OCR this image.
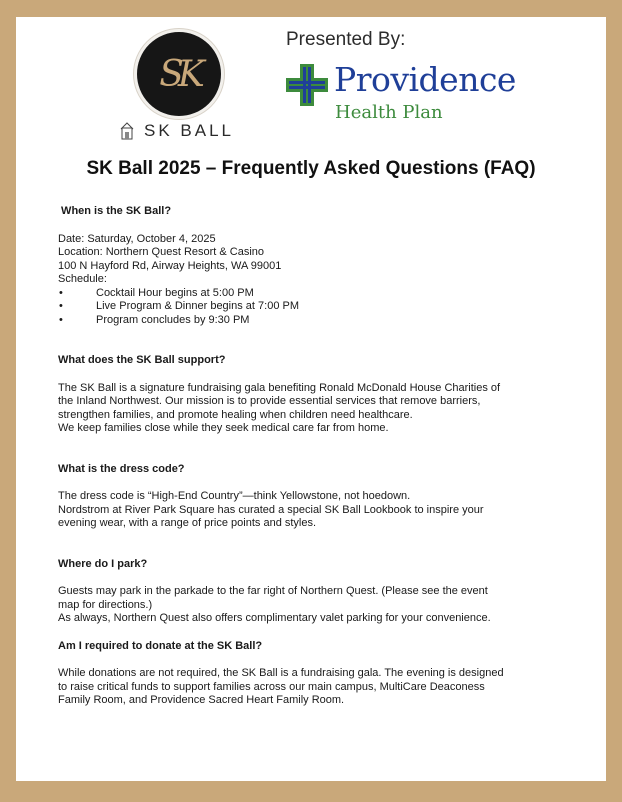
SK
SK BALL
Presented By:
Providence
Health Plan
SK Ball 2025 – Frequently Asked Questions (FAQ)

When is the SK Ball?

Date: Saturday, October 4, 2025

Location: Northern Quest Resort & Casino

100 N Hayford Rd, Airway Heights, WA 99001

Schedule:

•	Cocktail Hour begins at 5:00 PM
•	Live Program & Dinner begins at 7:00 PM
•	Program concludes by 9:30 PM

What does the SK Ball support?

The SK Ball is a signature fundraising gala benefiting Ronald McDonald House Charities of

the Inland Northwest. Our mission is to provide essential services that remove barriers,

strengthen families, and promote healing when children need healthcare.

We keep families close while they seek medical care far from home.

What is the dress code?

The dress code is “High-End Country”—think Yellowstone, not hoedown.

Nordstrom at River Park Square has curated a special SK Ball Lookbook to inspire your

evening wear, with a range of price points and styles.

Where do I park?

Guests may park in the parkade to the far right of Northern Quest. (Please see the event

map for directions.)

As always, Northern Quest also offers complimentary valet parking for your convenience.

Am I required to donate at the SK Ball?

While donations are not required, the SK Ball is a fundraising gala. The evening is designed

to raise critical funds to support families across our main campus, MultiCare Deaconess

Family Room, and Providence Sacred Heart Family Room.
